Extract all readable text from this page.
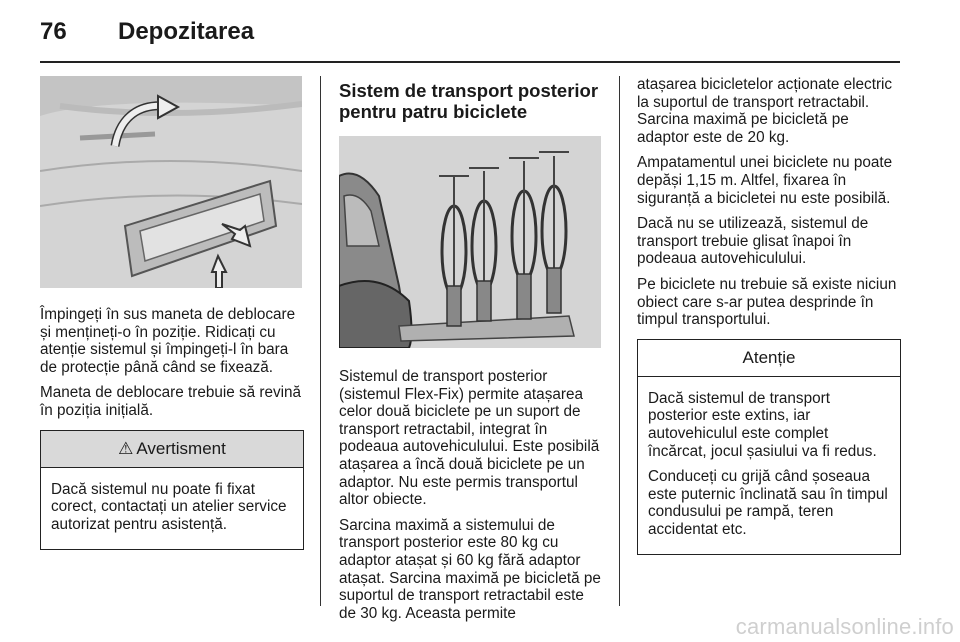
76 Depozitarea

Împingeți în sus maneta de deblocare și mențineți-o în poziție. Ridicați cu atenție sistemul și împingeți-l în bara de protecție până când se fixează.

Maneta de deblocare trebuie să revină în poziția inițială.

⚠ Avertisment

Dacă sistemul nu poate fi fixat corect, contactați un atelier service autorizat pentru asistență.

Sistem de transport posterior pentru patru biciclete

Sistemul de transport posterior (sistemul Flex-Fix) permite atașarea celor două biciclete pe un suport de transport retractabil, integrat în podeaua autovehiculului. Este posibilă atașarea a încă două biciclete pe un adaptor. Nu este permis transportul altor obiecte.

Sarcina maximă a sistemului de transport posterior este 80 kg cu adaptor atașat și 60 kg fără adaptor atașat. Sarcina maximă pe bicicletă pe suportul de transport retractabil este de 30 kg. Aceasta permite

atașarea bicicletelor acționate electric la suportul de transport retractabil. Sarcina maximă pe bicicletă pe adaptor este de 20 kg.

Ampatamentul unei biciclete nu poate depăși 1,15 m. Altfel, fixarea în siguranță a bicicletei nu este posibilă.

Dacă nu se utilizează, sistemul de transport trebuie glisat înapoi în podeaua autovehiculului.

Pe biciclete nu trebuie să existe niciun obiect care s-ar putea desprinde în timpul transportului.

Atenție

Dacă sistemul de transport posterior este extins, iar autovehiculul este complet încărcat, jocul șasiului va fi redus.

Conduceți cu grijă când șoseaua este puternic înclinată sau în timpul condusului pe rampă, teren accidentat etc.

carmanualsonline.info
